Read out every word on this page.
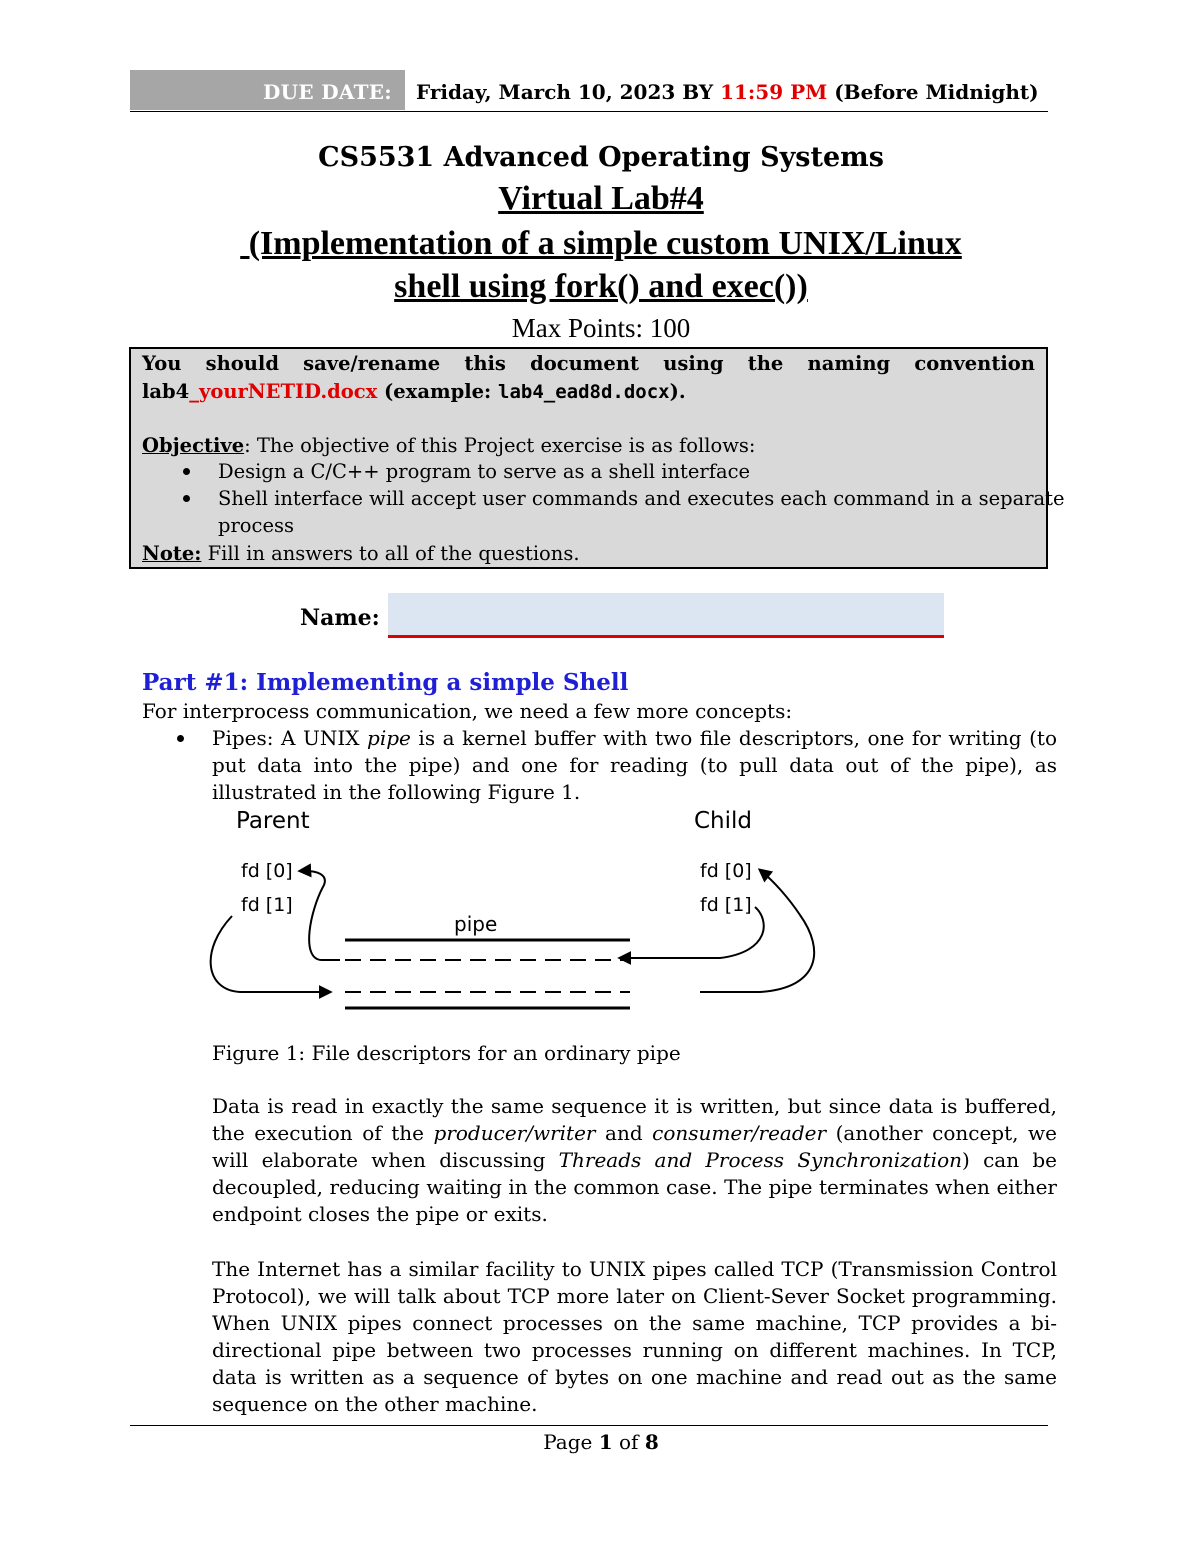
DUE DATE: Friday, March 10, 2023 BY 11:59 PM (Before Midnight)
CS5531 Advanced Operating Systems
Virtual Lab#4
(Implementation of a simple custom UNIX/Linux
shell using fork() and exec())
Max Points: 100
You should save/rename this document using the naming convention
lab4_yourNETID.docx (example: lab4_ead8d.docx).
Objective: The objective of this Project exercise is as follows:
Design a C/C++ program to serve as a shell interface
Shell interface will accept user commands and executes each command in a separate
process
Note: Fill in answers to all of the questions.
Name:
Part #1: Implementing a simple Shell
For interprocess communication, we need a few more concepts:
Pipes: A UNIX pipe is a kernel buffer with two file descriptors, one for writing (to put data into the pipe) and one for reading (to pull data out of the pipe), as illustrated in the following Figure 1.
Parent	Child
fd [0]
fd [1]
fd [0]
fd [1]
pipe
Figure 1: File descriptors for an ordinary pipe
Data is read in exactly the same sequence it is written, but since data is buffered, the execution of the producer/writer and consumer/reader (another concept, we will elaborate when discussing Threads and Process Synchronization) can be decoupled, reducing waiting in the common case. The pipe terminates when either endpoint closes the pipe or exits.
The Internet has a similar facility to UNIX pipes called TCP (Transmission Control Protocol), we will talk about TCP more later on Client-Sever Socket programming. When UNIX pipes connect processes on the same machine, TCP provides a bi-directional pipe between two processes running on different machines. In TCP, data is written as a sequence of bytes on one machine and read out as the same sequence on the other machine.
Page 1 of 8
